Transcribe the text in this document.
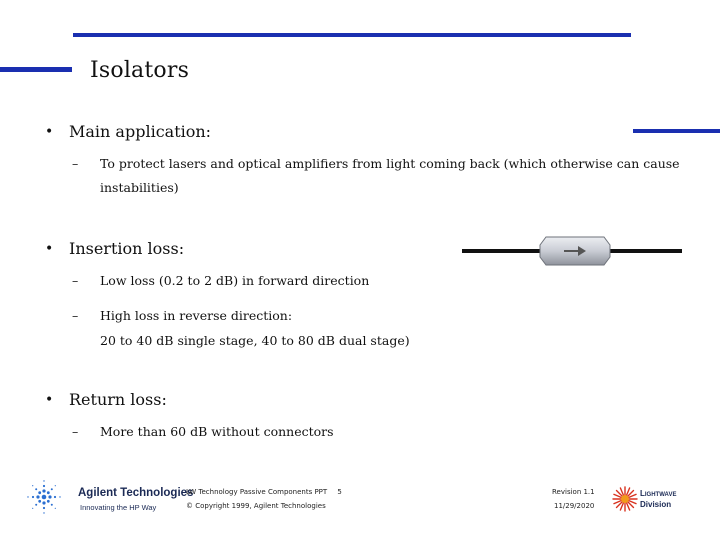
Isolators
• Main application:
– To protect lasers and optical amplifiers from light coming back (which otherwise can cause
instabilities)
• Insertion loss:
– Low loss (0.2 to 2 dB) in forward direction
– High loss in reverse direction:
20 to 40 dB single stage, 40 to 80 dB dual stage)
• Return loss:
– More than 60 dB without connectors
Agilent Technologies
Innovating the HP Way
LW Technology Passive Components PPT 5
© Copyright 1999, Agilent Technologies
Revision 1.1
11/29/2020
Lightwave
Division
